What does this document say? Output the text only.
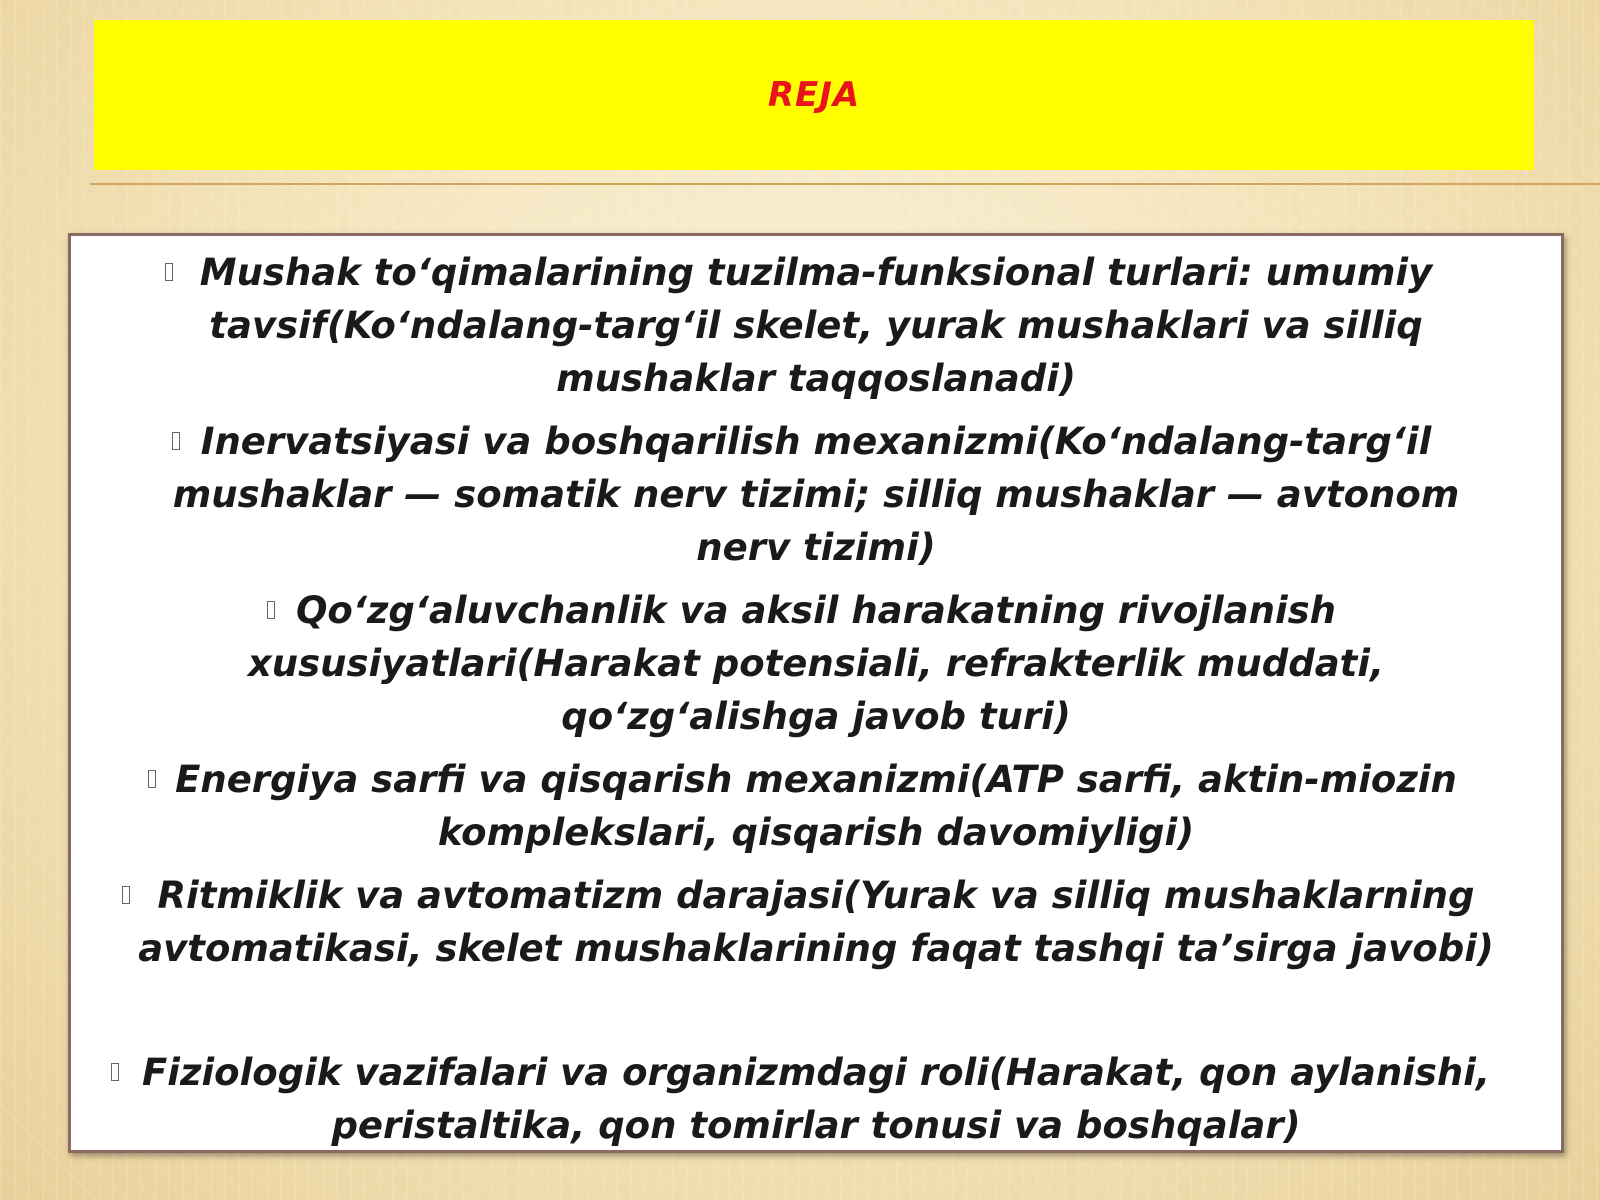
REJA
Mushak to‘qimalarining tuzilma-funksional turlari: umumiy tavsif(Ko‘ndalang-targ‘il skelet, yurak mushaklari va silliq mushaklar taqqoslanadi)
Inervatsiyasi va boshqarilish mexanizmi(Ko‘ndalang-targ‘il mushaklar — somatik nerv tizimi; silliq mushaklar — avtonom nerv tizimi)
Qo‘zg‘aluvchanlik va aksil harakatning rivojlanish xususiyatlari(Harakat potensiali, refrakterlik muddati, qo‘zg‘alishga javob turi)
Energiya sarfi va qisqarish mexanizmi(ATP sarfi, aktin-miozin komplekslari, qisqarish davomiyligi)
Ritmiklik va avtomatizm darajasi(Yurak va silliq mushaklarning avtomatikasi, skelet mushaklarining faqat tashqi ta’sirga javobi)
Fiziologik vazifalari va organizmdagi roli(Harakat, qon aylanishi, peristaltika, qon tomirlar tonusi va boshqalar)
